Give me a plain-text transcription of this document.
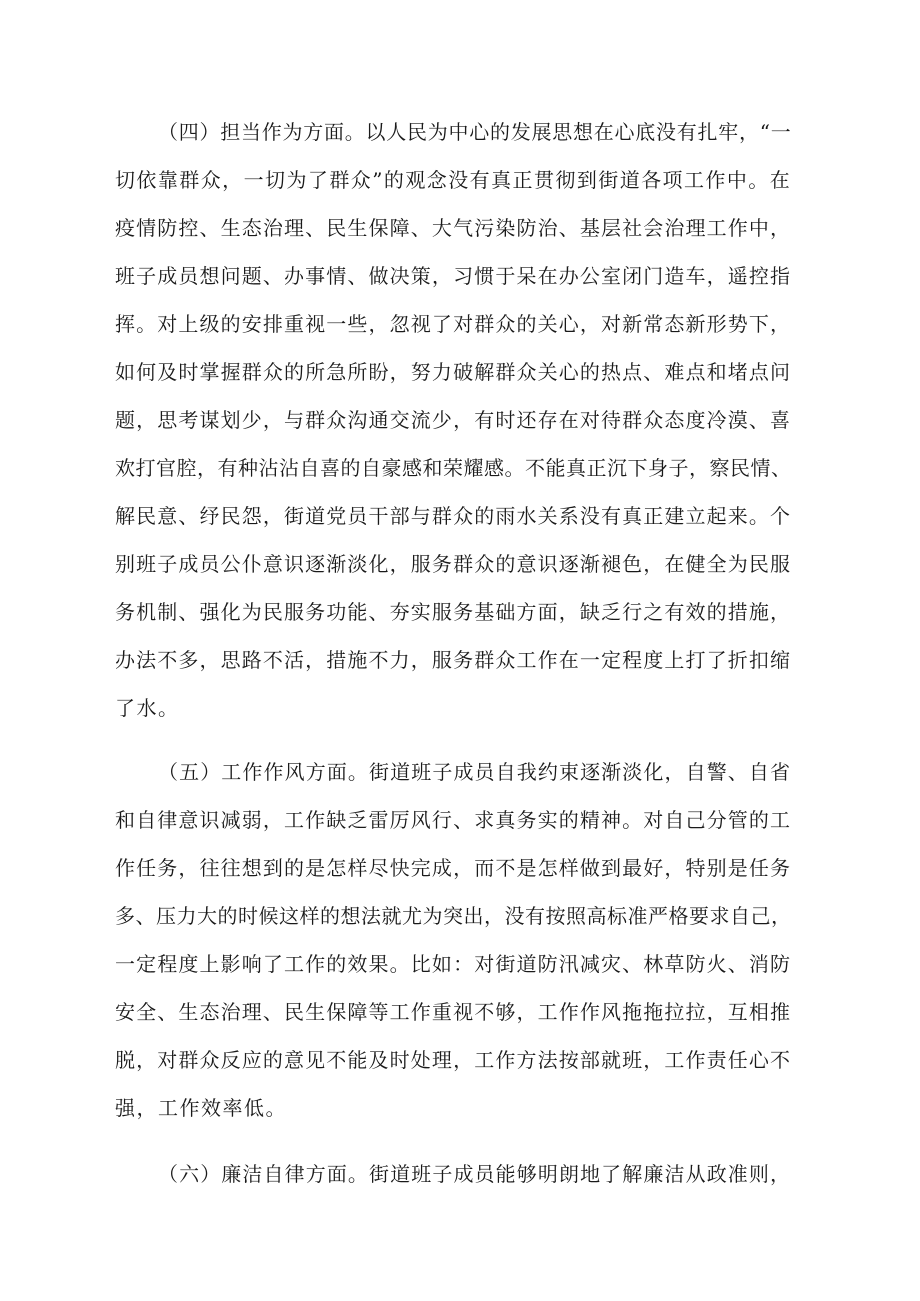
（四）担当作为方面。以人民为中心的发展思想在心底没有扎牢，“一
切依靠群众，一切为了群众”的观念没有真正贯彻到街道各项工作中。在
疫情防控、生态治理、民生保障、大气污染防治、基层社会治理工作中，
班子成员想问题、办事情、做决策，习惯于呆在办公室闭门造车，遥控指
挥。对上级的安排重视一些，忽视了对群众的关心，对新常态新形势下，
如何及时掌握群众的所急所盼，努力破解群众关心的热点、难点和堵点问
题，思考谋划少，与群众沟通交流少，有时还存在对待群众态度冷漠、喜
欢打官腔，有种沾沾自喜的自豪感和荣耀感。不能真正沉下身子，察民情、
解民意、纾民怨，街道党员干部与群众的雨水关系没有真正建立起来。个
别班子成员公仆意识逐渐淡化，服务群众的意识逐渐褪色，在健全为民服
务机制、强化为民服务功能、夯实服务基础方面，缺乏行之有效的措施，
办法不多，思路不活，措施不力，服务群众工作在一定程度上打了折扣缩
了水。
（五）工作作风方面。街道班子成员自我约束逐渐淡化，自警、自省
和自律意识减弱，工作缺乏雷厉风行、求真务实的精神。对自己分管的工
作任务，往往想到的是怎样尽快完成，而不是怎样做到最好，特别是任务
多、压力大的时候这样的想法就尤为突出，没有按照高标准严格要求自己，
一定程度上影响了工作的效果。比如：对街道防汛减灾、林草防火、消防
安全、生态治理、民生保障等工作重视不够，工作作风拖拖拉拉，互相推
脱，对群众反应的意见不能及时处理，工作方法按部就班，工作责任心不
强，工作效率低。
（六）廉洁自律方面。街道班子成员能够明朗地了解廉洁从政准则，
